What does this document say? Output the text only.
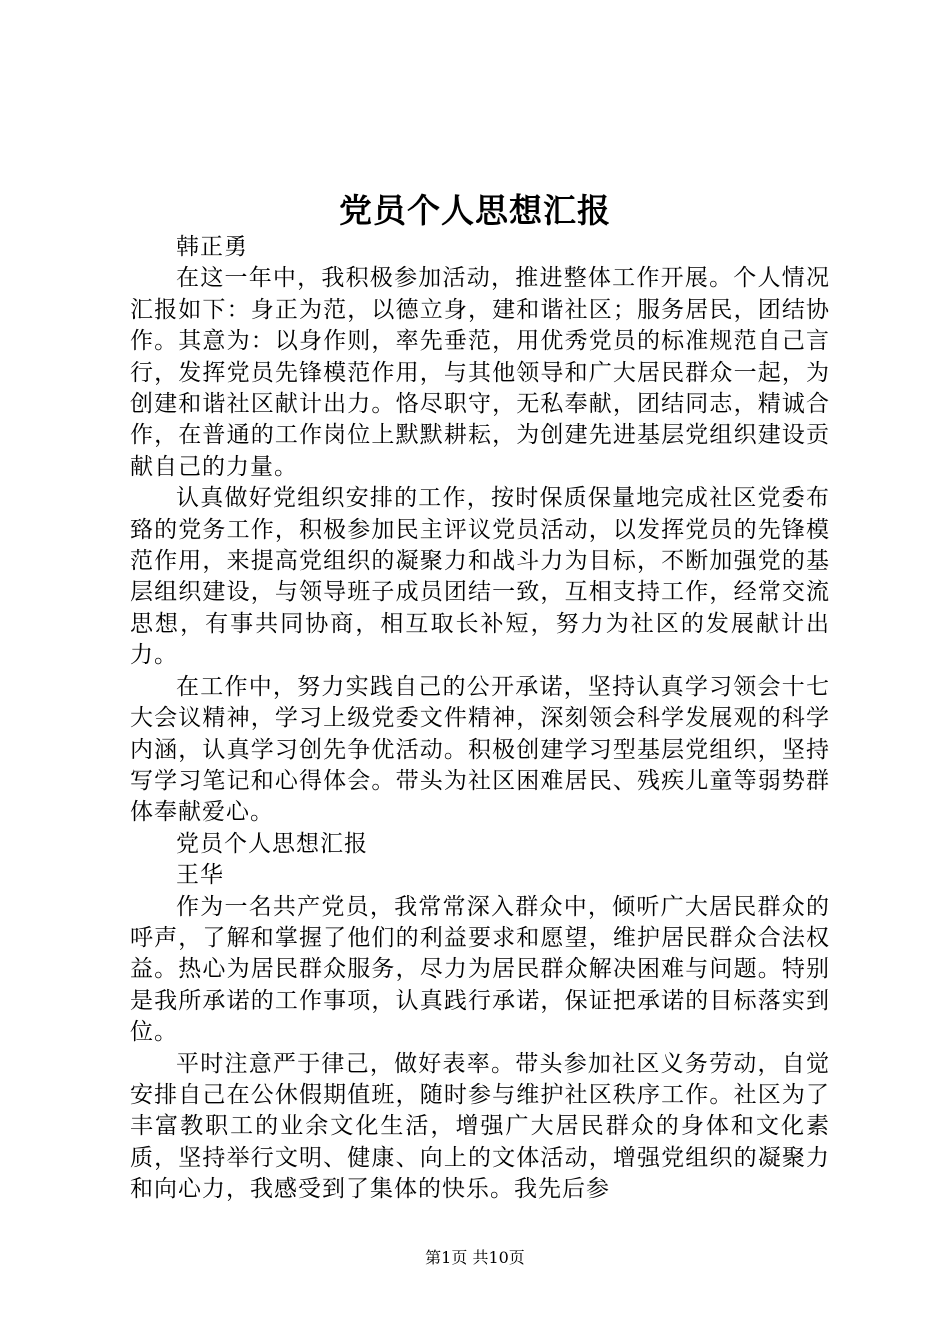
党员个人思想汇报

韩正勇

在这一年中，我积极参加活动，推进整体工作开展。个人情况汇报如下：身正为范，以德立身，建和谐社区；服务居民，团结协作。其意为：以身作则，率先垂范，用优秀党员的标准规范自己言行，发挥党员先锋模范作用，与其他领导和广大居民群众一起，为创建和谐社区献计出力。恪尽职守，无私奉献，团结同志，精诚合作，在普通的工作岗位上默默耕耘，为创建先进基层党组织建设贡献自己的力量。

认真做好党组织安排的工作，按时保质保量地完成社区党委布臵的党务工作，积极参加民主评议党员活动，以发挥党员的先锋模范作用，来提高党组织的凝聚力和战斗力为目标，不断加强党的基层组织建设，与领导班子成员团结一致，互相支持工作，经常交流思想，有事共同协商，相互取长补短，努力为社区的发展献计出力。

在工作中，努力实践自己的公开承诺，坚持认真学习领会十七大会议精神，学习上级党委文件精神，深刻领会科学发展观的科学内涵，认真学习创先争优活动。积极创建学习型基层党组织，坚持写学习笔记和心得体会。带头为社区困难居民、残疾儿童等弱势群体奉献爱心。

党员个人思想汇报

王华

作为一名共产党员，我常常深入群众中，倾听广大居民群众的呼声，了解和掌握了他们的利益要求和愿望，维护居民群众合法权益。热心为居民群众服务，尽力为居民群众解决困难与问题。特别是我所承诺的工作事项，认真践行承诺，保证把承诺的目标落实到位。

平时注意严于律己，做好表率。带头参加社区义务劳动，自觉安排自己在公休假期值班，随时参与维护社区秩序工作。社区为了丰富教职工的业余文化生活，增强广大居民群众的身体和文化素质，坚持举行文明、健康、向上的文体活动，增强党组织的凝聚力和向心力，我感受到了集体的快乐。我先后参

第1页 共10页
